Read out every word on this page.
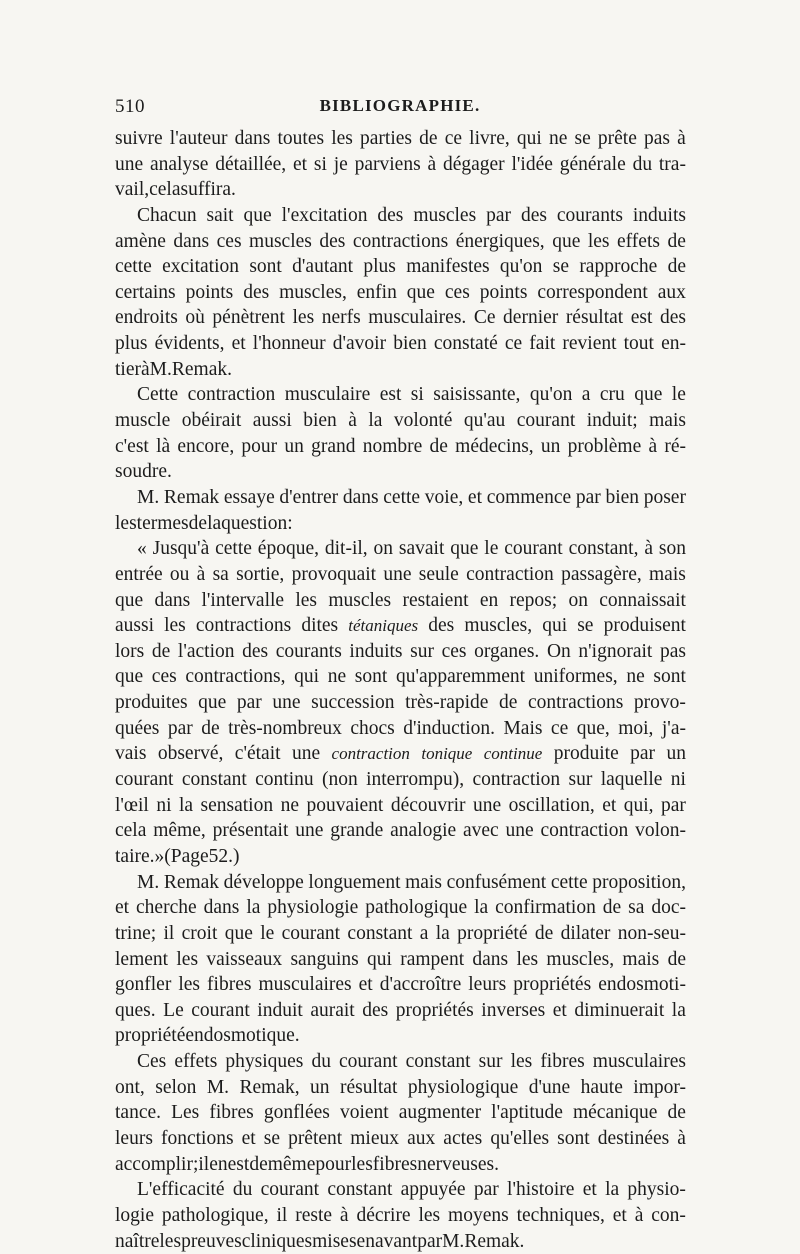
510	BIBLIOGRAPHIE.
suivre l'auteur dans toutes les parties de ce livre, qui ne se prête pas à
une analyse détaillée, et si je parviens à dégager l'idée générale du tra-
vail, cela suffira.
Chacun sait que l'excitation des muscles par des courants induits
amène dans ces muscles des contractions énergiques, que les effets de
cette excitation sont d'autant plus manifestes qu'on se rapproche de
certains points des muscles, enfin que ces points correspondent aux
endroits où pénètrent les nerfs musculaires. Ce dernier résultat est des
plus évidents, et l'honneur d'avoir bien constaté ce fait revient tout en-
tier à M. Remak.
Cette contraction musculaire est si saisissante, qu'on a cru que le
muscle obéirait aussi bien à la volonté qu'au courant induit; mais
c'est là encore, pour un grand nombre de médecins, un problème à ré-
soudre.
M. Remak essaye d'entrer dans cette voie, et commence par bien poser
les termes de la question :
« Jusqu'à cette époque, dit-il, on savait que le courant constant, à son
entrée ou à sa sortie, provoquait une seule contraction passagère, mais
que dans l'intervalle les muscles restaient en repos; on connaissait
aussi les contractions dites tétaniques des muscles, qui se produisent
lors de l'action des courants induits sur ces organes. On n'ignorait pas
que ces contractions, qui ne sont qu'apparemment uniformes, ne sont
produites que par une succession très-rapide de contractions provo-
quées par de très-nombreux chocs d'induction. Mais ce que, moi, j'a-
vais observé, c'était une contraction tonique continue produite par un
courant constant continu (non interrompu), contraction sur laquelle ni
l'œil ni la sensation ne pouvaient découvrir une oscillation, et qui, par
cela même, présentait une grande analogie avec une contraction volon-
taire.» (Page 52.)
M. Remak développe longuement mais confusément cette proposition,
et cherche dans la physiologie pathologique la confirmation de sa doc-
trine; il croit que le courant constant a la propriété de dilater non-seu-
lement les vaisseaux sanguins qui rampent dans les muscles, mais de
gonfler les fibres musculaires et d'accroître leurs propriétés endosmoti-
ques. Le courant induit aurait des propriétés inverses et diminuerait la
propriété endosmotique.
Ces effets physiques du courant constant sur les fibres musculaires
ont, selon M. Remak, un résultat physiologique d'une haute impor-
tance. Les fibres gonflées voient augmenter l'aptitude mécanique de
leurs fonctions et se prêtent mieux aux actes qu'elles sont destinées à
accomplir; il en est de même pour les fibres nerveuses.
L'efficacité du courant constant appuyée par l'histoire et la physio-
logie pathologique, il reste à décrire les moyens techniques, et à con-
naître les preuves cliniques mises en avant par M. Remak.
